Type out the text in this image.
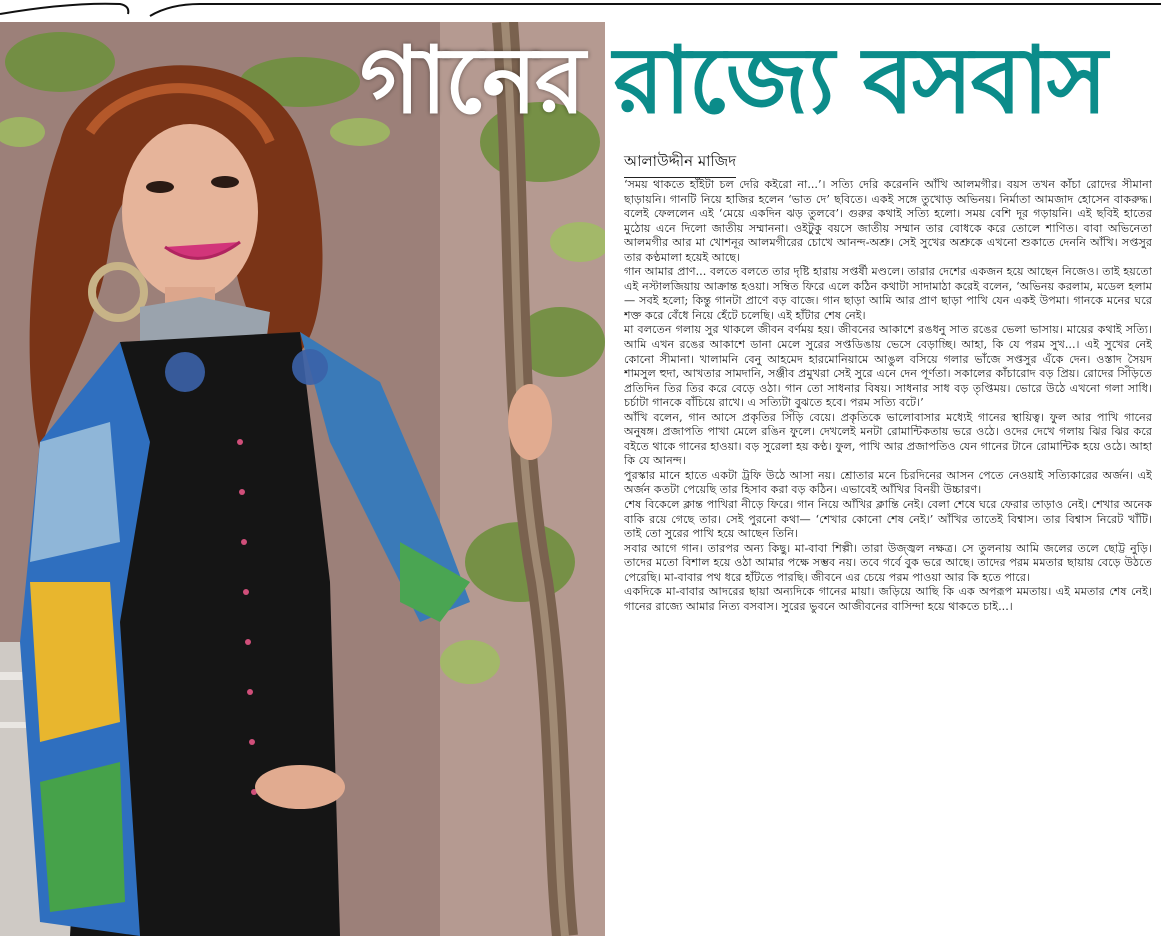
গানের রাজ্যে বসবাস
আলাউদ্দীন মাজিদ

‘সময় থাকতে হাঁইটা চল দেরি কইরো না...’। সত্যি দেরি করেননি আঁখি আলমগীর। বয়স তখন কাঁচা রোদের সীমানা ছাড়ায়নি। গানটি নিয়ে হাজির হলেন ‘ভাত দে’ ছবিতে। একই সঙ্গে তুখোড় অভিনয়। নির্মাতা আমজাদ হোসেন বাকরুদ্ধ। বলেই ফেললেন এই ‘মেয়ে একদিন ঝড় তুলবে’। গুরুর কথাই সত্যি হলো। সময় বেশি দূর গড়ায়নি। এই ছবিই হাতের মুঠোয় এনে দিলো জাতীয় সম্মাননা। ওইটুকু বয়সে জাতীয় সম্মান তার বোধকে করে তোলে শাণিত। বাবা অভিনেতা আলমগীর আর মা খোশনূর আলমগীরের চোখে আনন্দ-অশ্রু। সেই সুখের অশ্রুকে এখনো শুকাতে দেননি আঁখি। সপ্তসুর তার কণ্ঠমালা হয়েই আছে।

গান আমার প্রাণ... বলতে বলতে তার দৃষ্টি হারায় সপ্তর্ষী মণ্ডলে। তারার দেশের একজন হয়ে আছেন নিজেও। তাই হয়তো এই নস্টালজিয়ায় আক্রান্ত হওয়া। সম্বিত ফিরে এলে কঠিন কথাটা সাদামাঠা করেই বলেন, ‘অভিনয় করলাম, মডেল হলাম— সবই হলো; কিন্তু গানটা প্রাণে বড় বাজে। গান ছাড়া আমি আর প্রাণ ছাড়া পাখি যেন একই উপমা। গানকে মনের ঘরে শক্ত করে বেঁধে নিয়ে হেঁটে চলেছি। এই হাঁটার শেষ নেই।

মা বলতেন গলায় সুর থাকলে জীবন বর্ণময় হয়। জীবনের আকাশে রঙধনু সাত রঙের ভেলা ভাসায়। মায়ের কথাই সত্যি। আমি এখন রঙের আকাশে ডানা মেলে সুরের সপ্তডিঙায় ভেসে বেড়াচ্ছি। আহা, কি যে পরম সুখ...। এই সুখের নেই কোনো সীমানা। খালামনি বেনু আহমেদ হারমোনিয়ামে আঙুল বসিয়ে গলার ভাঁজে সপ্তসুর এঁকে দেন। ওস্তাদ সৈয়দ শামসুল হুদা, আখতার সামদানি, সঞ্জীব প্রমুখরা সেই সুরে এনে দেন পূর্ণতা। সকালের কাঁচারোদ বড় প্রিয়। রোদের সিঁড়িতে প্রতিদিন তির তির করে বেড়ে ওঠা। গান তো সাধনার বিষয়। সাধনার সাধ বড় তৃপ্তিময়। ভোরে উঠে এখনো গলা সাধি। চর্চাটা গানকে বাঁচিয়ে রাখে। এ সত্যিটা বুঝতে হবে। পরম সত্যি বটে।’

আঁখি বলেন, গান আসে প্রকৃতির সিঁড়ি বেয়ে। প্রকৃতিকে ভালোবাসার মধ্যেই গানের স্থায়িত্ব। ফুল আর পাখি গানের অনুষঙ্গ। প্রজাপতি পাখা মেলে রঙিন ফুলে। দেখলেই মনটা রোমান্টিকতায় ভরে ওঠে। ওদের দেখে গলায় ঝির ঝির করে বইতে থাকে গানের হাওয়া। বড় সুরেলা হয় কণ্ঠ। ফুল, পাখি আর প্রজাপতিও যেন গানের টানে রোমান্টিক হয়ে ওঠে। আহা কি যে আনন্দ।

পুরস্কার মানে হাতে একটা ট্রফি উঠে আসা নয়। শ্রোতার মনে চিরদিনের আসন পেতে নেওয়াই সত্যিকারের অর্জন। এই অর্জন কতটা পেয়েছি তার হিসাব করা বড় কঠিন। এভাবেই আঁখির বিনয়ী উচ্চারণ।

শেষ বিকেলে ক্লান্ত পাখিরা নীড়ে ফিরে। গান নিয়ে আঁখির ক্লান্তি নেই। বেলা শেষে ঘরে ফেরার তাড়াও নেই। শেখার অনেক বাকি রয়ে গেছে তার। সেই পুরনো কথা— ‘শেখার কোনো শেষ নেই।’ আঁখির তাতেই বিশ্বাস। তার বিশ্বাস নিরেট খাঁটি। তাই তো সুরের পাখি হয়ে আছেন তিনি।

সবার আগে গান। তারপর অন্য কিছু। মা-বাবা শিল্পী। তারা উজ্জ্বল নক্ষত্র। সে তুলনায় আমি জলের তলে ছোট্ট নুড়ি। তাদের মতো বিশাল হয়ে ওঠা আমার পক্ষে সম্ভব নয়। তবে গর্বে বুক ভরে আছে। তাদের পরম মমতার ছায়ায় বেড়ে উঠতে পেরেছি। মা-বাবার পথ ধরে হাঁটতে পারছি। জীবনে এর চেয়ে পরম পাওয়া আর কি হতে পারে।

একদিকে মা-বাবার আদরের ছায়া অন্যদিকে গানের মায়া। জড়িয়ে আছি কি এক অপরূপ মমতায়। এই মমতার শেষ নেই। গানের রাজ্যে আমার নিত্য বসবাস। সুরের ভুবনে আজীবনের বাসিন্দা হয়ে থাকতে চাই...।
